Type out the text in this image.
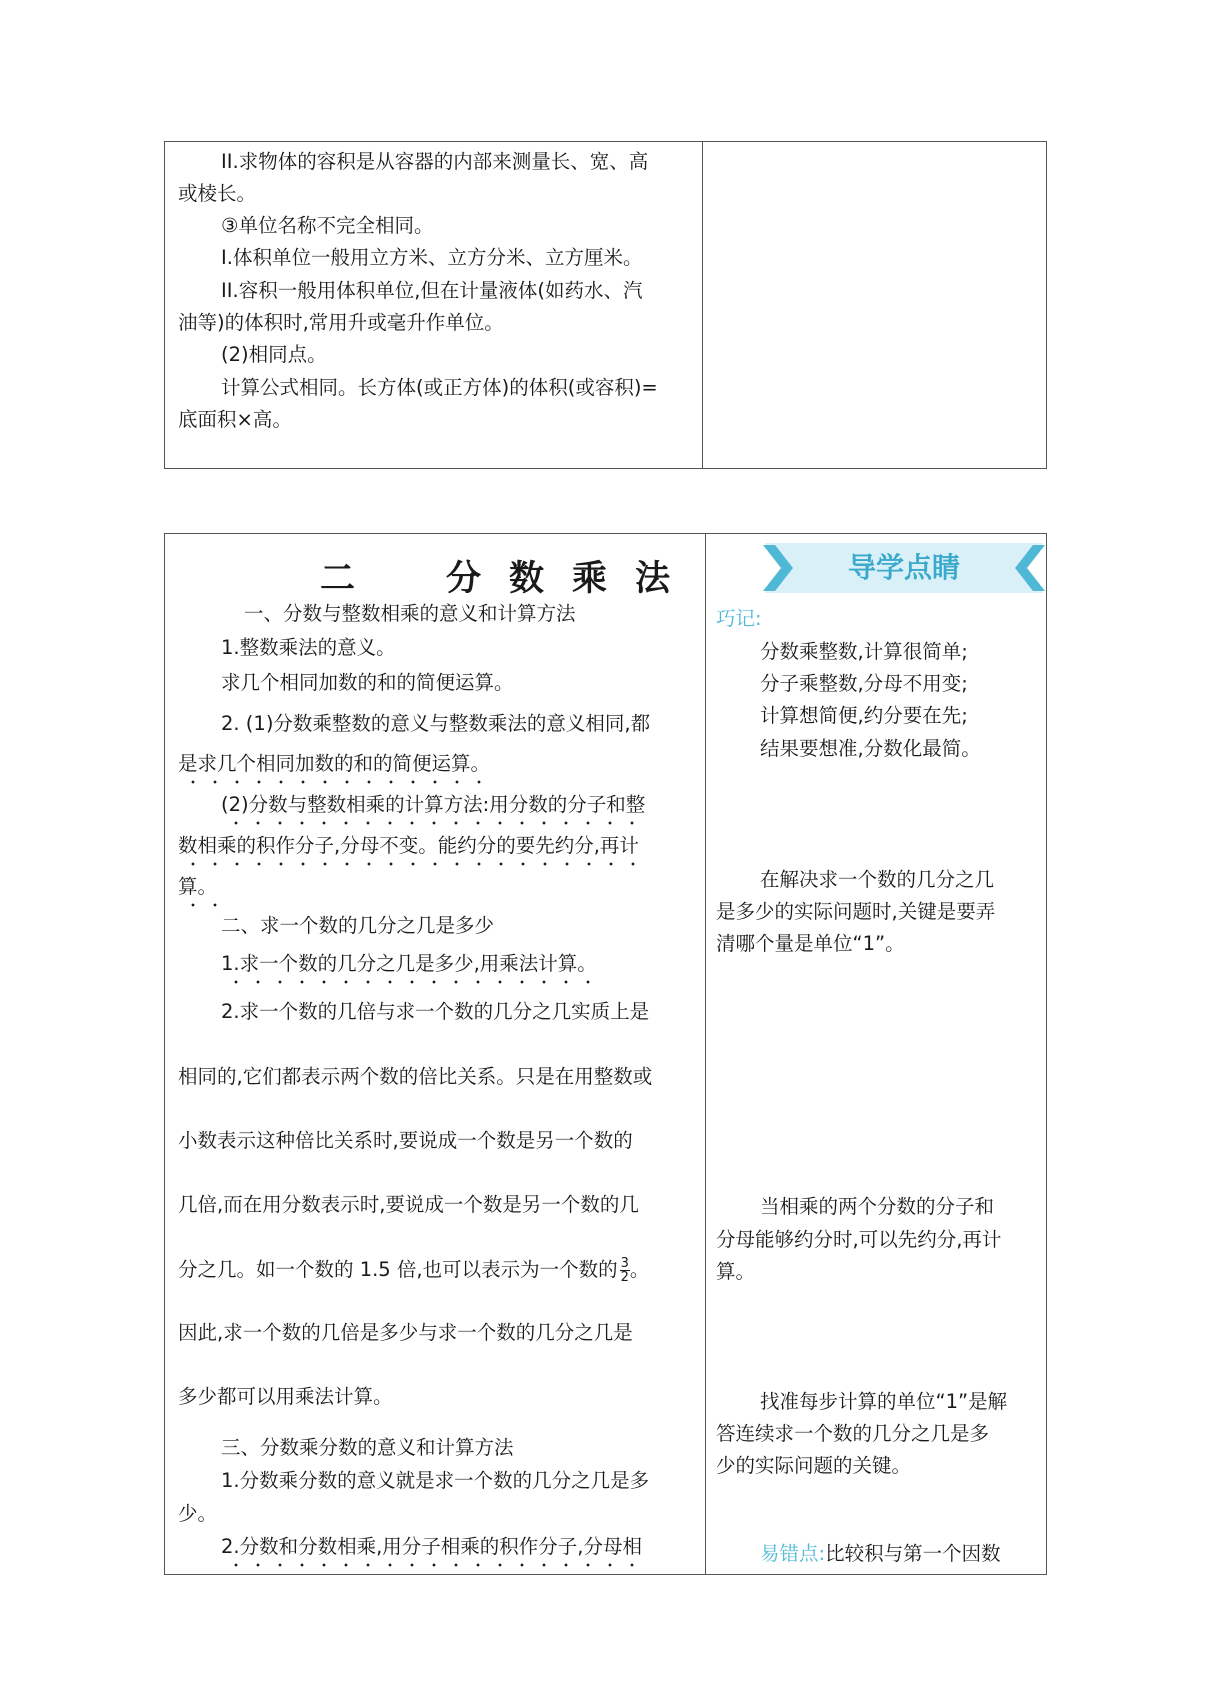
II.求物体的容积是从容器的内部来测量长、宽、高
或棱长。
③单位名称不完全相同。
I.体积单位一般用立方米、立方分米、立方厘米。
II.容积一般用体积单位,但在计量液体(如药水、汽
油等)的体积时,常用升或毫升作单位。
(2)相同点。
计算公式相同。长方体(或正方体)的体积(或容积)=
底面积×高。
二　分数乘法	导学点睛
一、分数与整数相乘的意义和计算方法
1.整数乘法的意义。
求几个相同加数的和的简便运算。
2. (1)分数乘整数的意义与整数乘法的意义相同,都
是求几个相同加数的和的简便运算。
(2)分数与整数相乘的计算方法:用分数的分子和整
数相乘的积作分子,分母不变。能约分的要先约分,再计
算。
二、求一个数的几分之几是多少
1.求一个数的几分之几是多少,用乘法计算。
2.求一个数的几倍与求一个数的几分之几实质上是
相同的,它们都表示两个数的倍比关系。只是在用整数或
小数表示这种倍比关系时,要说成一个数是另一个数的
几倍,而在用分数表示时,要说成一个数是另一个数的几
分之几。如一个数的 1.5 倍,也可以表示为一个数的 $\frac{3}{2}$ 。
因此,求一个数的几倍是多少与求一个数的几分之几是
多少都可以用乘法计算。
三、分数乘分数的意义和计算方法
1.分数乘分数的意义就是求一个数的几分之几是多
少。
2.分数和分数相乘,用分子相乘的积作分子,分母相
巧记:
分数乘整数,计算很简单;
分子乘整数,分母不用变;
计算想简便,约分要在先;
结果要想准,分数化最简。
在解决求一个数的几分之几
是多少的实际问题时,关键是要弄
清哪个量是单位“1”。
当相乘的两个分数的分子和
分母能够约分时,可以先约分,再计
算。
找准每步计算的单位“1”是解
答连续求一个数的几分之几是多
少的实际问题的关键。
易错点:比较积与第一个因数
